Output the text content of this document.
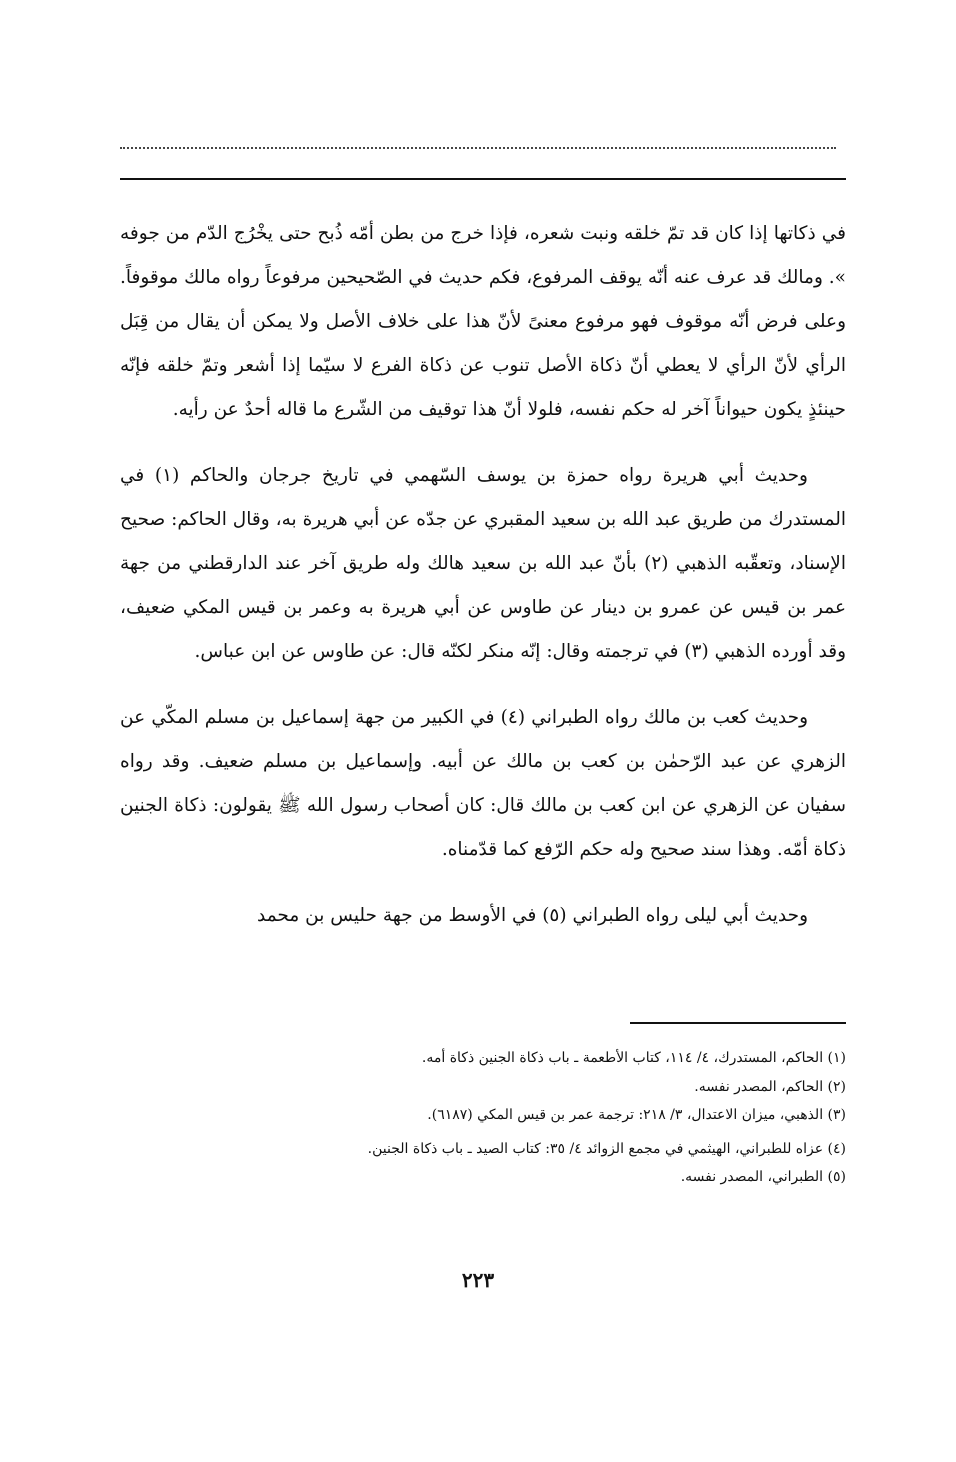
في ذكاتها إذا كان قد تمّ خلقه ونبت شعره، فإذا خرج من بطن أمّه ذُبح حتى يخْرُج الدّم من جوفه ». ومالك قد عرف عنه أنّه يوقف المرفوع، فكم حديث في الصّحيحين مرفوعاً رواه مالك موقوفاً. وعلى فرض أنّه موقوف فهو مرفوع معنىً لأنّ هذا على خلاف الأصل ولا يمكن أن يقال من قِبَل الرأي لأنّ الرأي لا يعطي أنّ ذكاة الأصل تنوب عن ذكاة الفرع لا سيّما إذا أشعر وتمّ خلقه فإنّه حينئذٍ يكون حيواناً آخر له حكم نفسه، فلولا أنّ هذا توقيف من الشّرع ما قاله أحدٌ عن رأيه.

وحديث أبي هريرة رواه حمزة بن يوسف السّهمي في تاريخ جرجان والحاكم (١) في المستدرك من طريق عبد الله بن سعيد المقبري عن جدّه عن أبي هريرة به، وقال الحاكم: صحيح الإسناد، وتعقّبه الذهبي (٢) بأنّ عبد الله بن سعيد هالك وله طريق آخر عند الدارقطني من جهة عمر بن قيس عن عمرو بن دينار عن طاوس عن أبي هريرة به وعمر بن قيس المكي ضعيف، وقد أورده الذهبي (٣) في ترجمته وقال: إنّه منكر لكنّه قال: عن طاوس عن ابن عباس.

وحديث كعب بن مالك رواه الطبراني (٤) في الكبير من جهة إسماعيل بن مسلم المكّي عن الزهري عن عبد الرّحمٰن بن كعب بن مالك عن أبيه. وإسماعيل بن مسلم ضعيف. وقد رواه سفيان عن الزهري عن ابن كعب بن مالك قال: كان أصحاب رسول الله ﷺ يقولون: ذكاة الجنين ذكاة أمّه. وهذا سند صحيح وله حكم الرّفع كما قدّمناه.

وحديث أبي ليلى رواه الطبراني (٥) في الأوسط من جهة حليس بن محمد

(١) الحاكم، المستدرك، ٤/ ١١٤، كتاب الأطعمة ـ باب ذكاة الجنين ذكاة أمه.

(٢) الحاكم، المصدر نفسه.

(٣) الذهبي، ميزان الاعتدال، ٣/ ٢١٨: ترجمة عمر بن قيس المكي (٦١٨٧).

(٤) عزاه للطبراني، الهيثمي في مجمع الزوائد ٤/ ٣٥: كتاب الصيد ـ باب ذكاة الجنين.

(٥) الطبراني، المصدر نفسه.

٢٢٣
